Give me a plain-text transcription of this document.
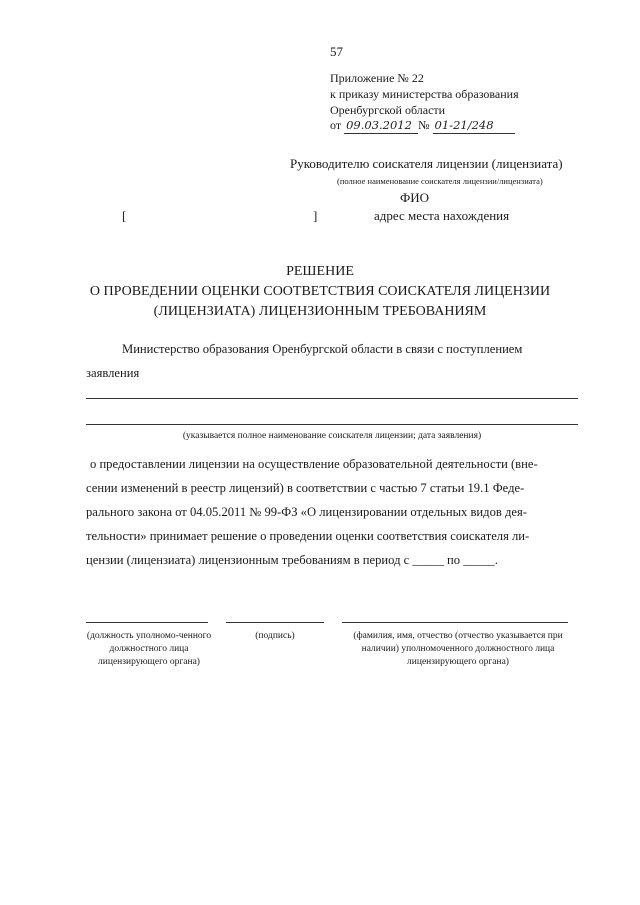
57
Приложение № 22
к приказу министерства образования
Оренбургской области
от 09.03.2012 № 01-21/248
Руководителю соискателя лицензии (лицензиата)
(полное наименование соискателя лицензии/лицензиата)
ФИО
[	]	адрес места нахождения
РЕШЕНИЕ
О ПРОВЕДЕНИИ ОЦЕНКИ СООТВЕТСТВИЯ СОИСКАТЕЛЯ ЛИЦЕНЗИИ
(ЛИЦЕНЗИАТА) ЛИЦЕНЗИОННЫМ ТРЕБОВАНИЯМ
Министерство образования Оренбургской области в связи с поступлением
заявления
(указывается полное наименование соискателя лицензии; дата заявления)
о предоставлении лицензии на осуществление образовательной деятельности (вне-
сении изменений в реестр лицензий) в соответствии с частью 7 статьи 19.1 Феде-
рального закона от 04.05.2011 № 99-ФЗ «О лицензировании отдельных видов дея-
тельности» принимает решение о проведении оценки соответствия соискателя ли-
цензии (лицензиата) лицензионным требованиям в период с _____ по _____.
(должность уполномо-ченного должностного лица лицензирующего органа)
(подпись)	(фамилия, имя, отчество (отчество указывается при наличии) уполномоченного должностного лица лицензирующего органа)
